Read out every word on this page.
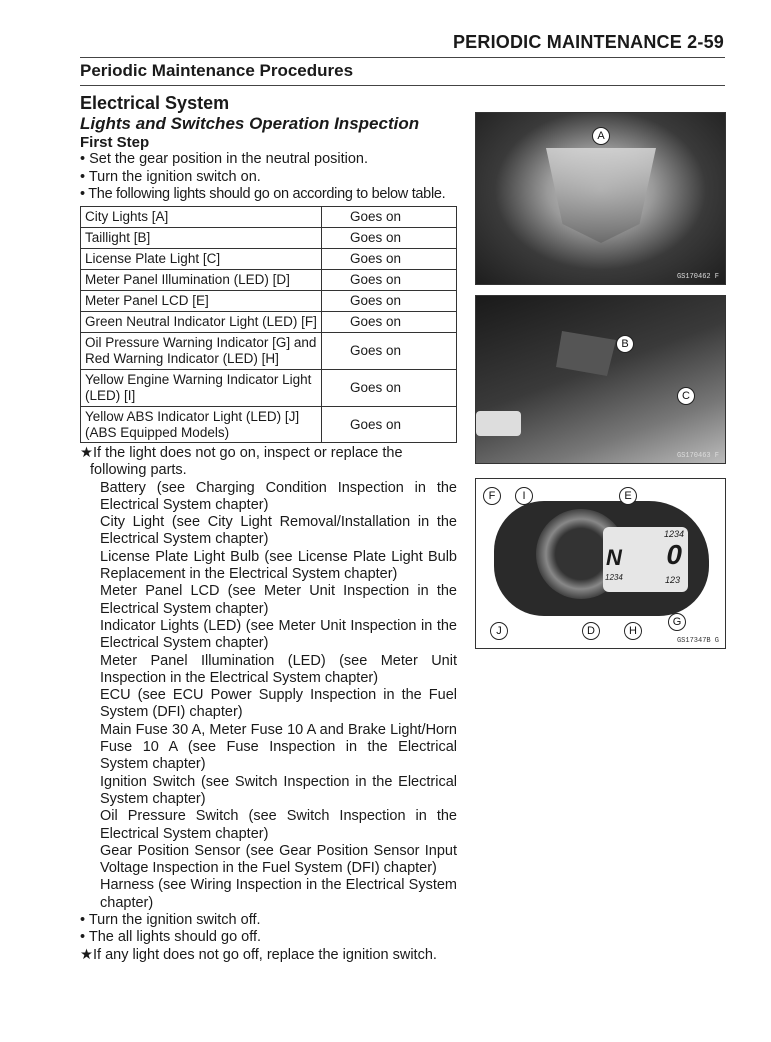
PERIODIC MAINTENANCE 2-59
Periodic Maintenance Procedures
Electrical System
Lights and Switches Operation Inspection
First Step
• Set the gear position in the neutral position.
• Turn the ignition switch on.
• The following lights should go on according to below table.
City Lights [A]	Goes on
Taillight [B]	Goes on
License Plate Light [C]	Goes on
Meter Panel Illumination (LED) [D]	Goes on
Meter Panel LCD [E]	Goes on
Green Neutral Indicator Light (LED) [F]	Goes on
Oil Pressure Warning Indicator [G] and Red Warning Indicator (LED) [H]	Goes on
Yellow Engine Warning Indicator Light (LED) [I]	Goes on
Yellow ABS Indicator Light (LED) [J] (ABS Equipped Models)	Goes on

★If the light does not go on, inspect or replace the following parts.

Battery (see Charging Condition Inspection in the Electrical System chapter)

City Light (see City Light Removal/Installation in the Electrical System chapter)

License Plate Light Bulb (see License Plate Light Bulb Replacement in the Electrical System chapter)

Meter Panel LCD (see Meter Unit Inspection in the Electrical System chapter)

Indicator Lights (LED) (see Meter Unit Inspection in the Electrical System chapter)

Meter Panel Illumination (LED) (see Meter Unit Inspection in the Electrical System chapter)

ECU (see ECU Power Supply Inspection in the Fuel System (DFI) chapter)

Main Fuse 30 A, Meter Fuse 10 A and Brake Light/Horn Fuse 10 A (see Fuse Inspection in the Electrical System chapter)

Ignition Switch (see Switch Inspection in the Electrical System chapter)

Oil Pressure Switch (see Switch Inspection in the Electrical System chapter)

Gear Position Sensor (see Gear Position Sensor Input Voltage Inspection in the Fuel System (DFI) chapter)

Harness (see Wiring Inspection in the Electrical System chapter)

• Turn the ignition switch off.

• The all lights should go off.

★If any light does not go off, replace the ignition switch.

A
GS170462 F
B
C
GS170463 F
N
1234
0
1234	123
F	I	E
J	D	H
G
GS17347B G
